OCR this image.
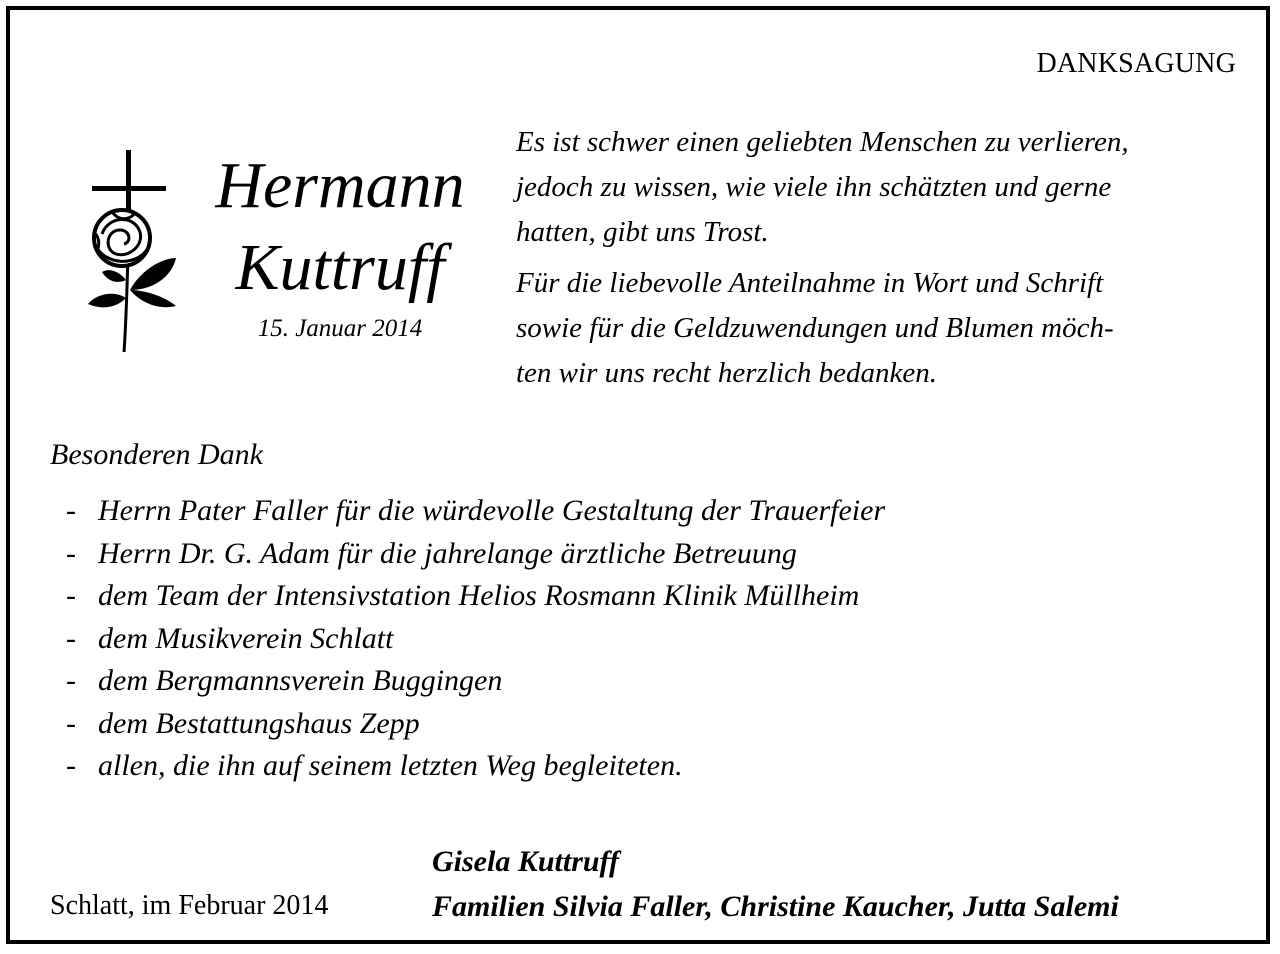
DANKSAGUNG
Hermann
Kuttruff
15. Januar 2014
Es ist schwer einen geliebten Menschen zu verlieren,
jedoch zu wissen, wie viele ihn schätzten und gerne
hatten, gibt uns Trost.
Für die liebevolle Anteilnahme in Wort und Schrift
sowie für die Geldzuwendungen und Blumen möch-
ten wir uns recht herzlich bedanken.
Besonderen Dank
- Herrn Pater Faller für die würdevolle Gestaltung der Trauerfeier
- Herrn Dr. G. Adam für die jahrelange ärztliche Betreuung
- dem Team der Intensivstation Helios Rosmann Klinik Müllheim
- dem Musikverein Schlatt
- dem Bergmannsverein Buggingen
- dem Bestattungshaus Zepp
- allen, die ihn auf seinem letzten Weg begleiteten.
Schlatt, im Februar 2014
Gisela Kuttruff
Familien Silvia Faller, Christine Kaucher, Jutta Salemi
